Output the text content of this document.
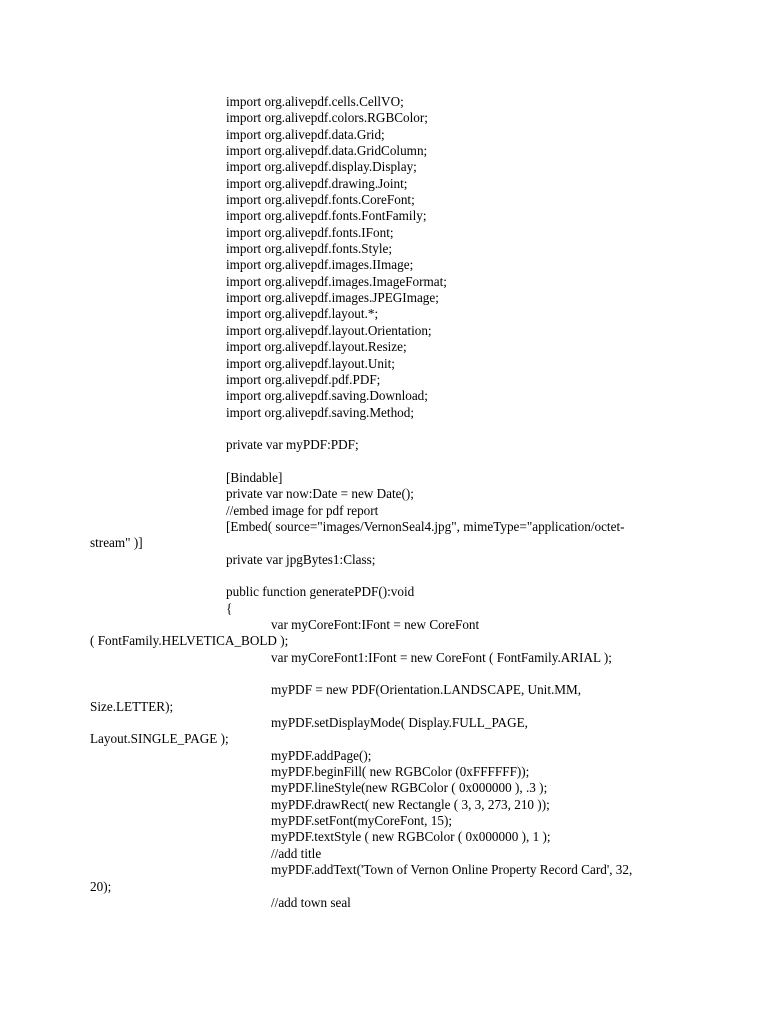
import org.alivepdf.cells.CellVO;
import org.alivepdf.colors.RGBColor;
import org.alivepdf.data.Grid;
import org.alivepdf.data.GridColumn;
import org.alivepdf.display.Display;
import org.alivepdf.drawing.Joint;
import org.alivepdf.fonts.CoreFont;
import org.alivepdf.fonts.FontFamily;
import org.alivepdf.fonts.IFont;
import org.alivepdf.fonts.Style;
import org.alivepdf.images.IImage;
import org.alivepdf.images.ImageFormat;
import org.alivepdf.images.JPEGImage;
import org.alivepdf.layout.*;
import org.alivepdf.layout.Orientation;
import org.alivepdf.layout.Resize;
import org.alivepdf.layout.Unit;
import org.alivepdf.pdf.PDF;
import org.alivepdf.saving.Download;
import org.alivepdf.saving.Method;
private var myPDF:PDF;
[Bindable]
private var now:Date = new Date();
//embed image for pdf report
[Embed( source="images/VernonSeal4.jpg", mimeType="application/octet-
stream" )]
private var jpgBytes1:Class;
public function generatePDF():void
{
var myCoreFont:IFont = new CoreFont
( FontFamily.HELVETICA_BOLD );
var myCoreFont1:IFont = new CoreFont ( FontFamily.ARIAL );
myPDF = new PDF(Orientation.LANDSCAPE, Unit.MM,
Size.LETTER);
myPDF.setDisplayMode( Display.FULL_PAGE,
Layout.SINGLE_PAGE );
myPDF.addPage();
myPDF.beginFill( new RGBColor (0xFFFFFF));
myPDF.lineStyle(new RGBColor ( 0x000000 ), .3 );
myPDF.drawRect( new Rectangle ( 3, 3, 273, 210 ));
myPDF.setFont(myCoreFont, 15);
myPDF.textStyle ( new RGBColor ( 0x000000 ), 1 );
//add title
myPDF.addText('Town of Vernon Online Property Record Card', 32,
20);
//add town seal
